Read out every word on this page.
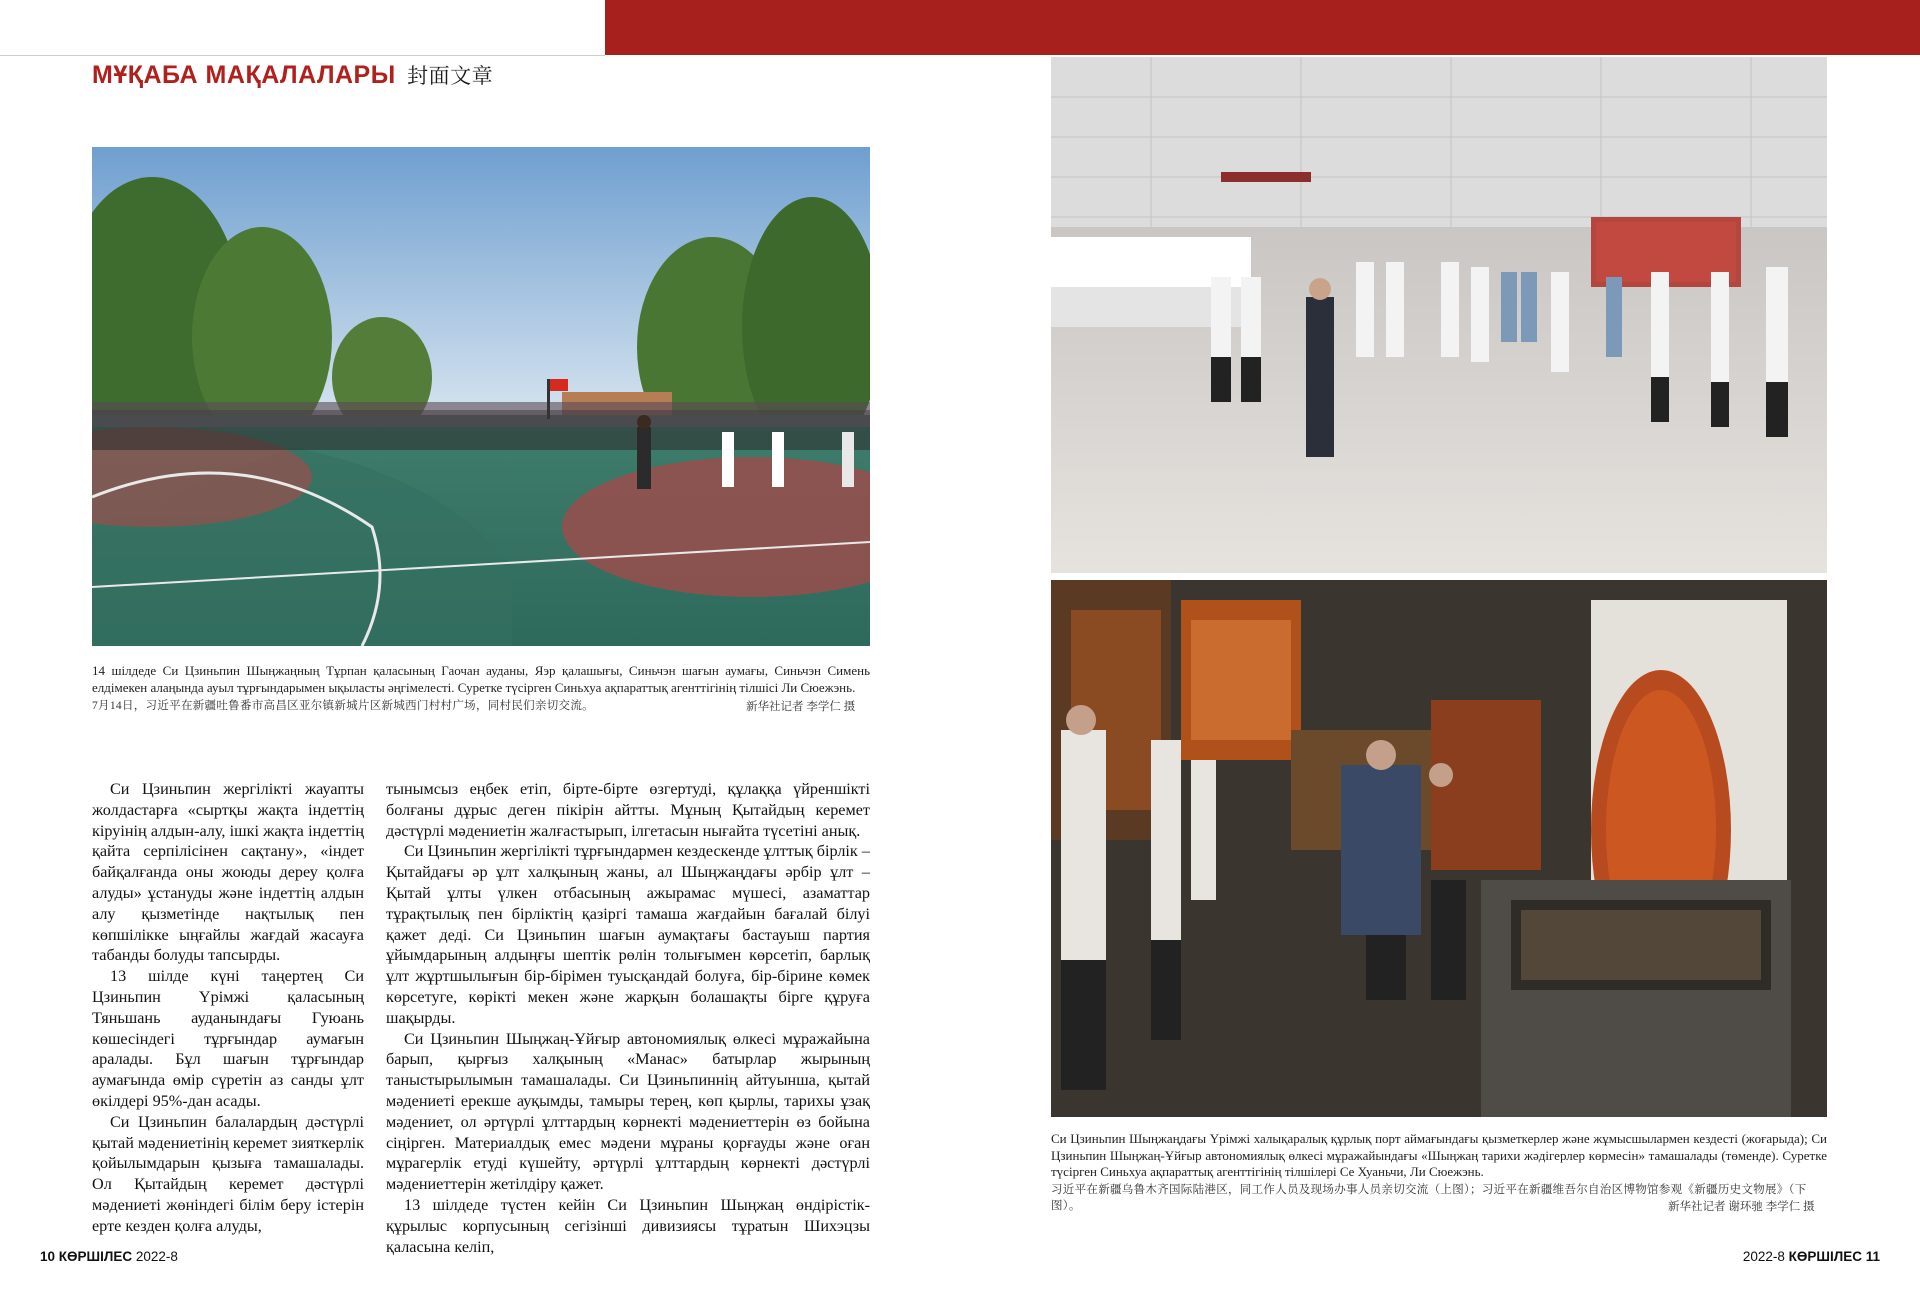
МҰҚАБА МАҚАЛАЛАРЫ 封面文章
14 шілдеде Си Цзиньпин Шыңжаңның Тұрпан қаласының Гаочан ауданы, Яэр қалашығы, Синьчэн шағын аумағы, Синьчэн Симень елдімекен алаңында ауыл тұрғындарымен ықыласты әңгімелесті. Суретке түсірген Синьхуа ақпараттық агенттігінің тілшісі Ли Сюежэнь.
7月14日，习近平在新疆吐鲁番市高昌区亚尔镇新城片区新城西门村村广场，同村民们亲切交流。	新华社记者 李学仁 摄

Си Цзиньпин жергілікті жауапты жолдастарға «сыртқы жақта індеттің кіруінің алдын-алу, ішкі жақта індеттің қайта серпілісінен сақтану», «індет байқалғанда оны жоюды дереу қолға алуды» ұстануды және індеттің алдын алу қызметінде нақтылық пен көпшілікке ыңғайлы жағдай жасауға табанды болуды тапсырды.

13 шілде күні таңертең Си Цзиньпин Үрімжі қаласының Тяньшань ауданындағы Гуюань көшесіндегі тұрғындар аумағын аралады. Бұл шағын тұрғындар аумағында өмір сүретін аз санды ұлт өкілдері 95%-дан асады.

Си Цзиньпин балалардың дәстүрлі қытай мәдениетінің керемет зияткерлік қойылымдарын қызыға тамашалады. Ол Қытайдың керемет дәстүрлі мәдениеті жөніндегі білім беру істерін ерте кезден қолға алуды,

тынымсыз еңбек етіп, бірте-бірте өзгертуді, құлаққа үйреншікті болғаны дұрыс деген пікірін айтты. Мұның Қытайдың керемет дәстүрлі мәдениетін жалғастырып, ілгетасын нығайта түсетіні анық.

Си Цзиньпин жергілікті тұрғындармен кездескенде ұлттық бірлік – Қытайдағы әр ұлт халқының жаны, ал Шыңжаңдағы әрбір ұлт – Қытай ұлты үлкен отбасының ажырамас мүшесі, азаматтар тұрақтылық пен бірліктің қазіргі тамаша жағдайын бағалай білуі қажет деді. Си Цзиньпин шағын аумақтағы бастауыш партия ұйымдарының алдыңғы шептік рөлін толығымен көрсетіп, барлық ұлт жұртшылығын бір-бірімен туысқандай болуға, бір-бірине көмек көрсетуге, көрікті мекен және жарқын болашақты бірге құруға шақырды.

Си Цзиньпин Шыңжаң-Ұйғыр автономиялық өлкесі мұражайына барып, қырғыз халқының «Манас» батырлар жырының таныстырылымын тамашалады. Си Цзиньпиннің айтуынша, қытай мәдениеті ерекше ауқымды, тамыры терең, көп қырлы, тарихы ұзақ мәдениет, ол әртүрлі ұлттардың көрнекті мәдениеттерін өз бойына сіңірген. Материалдық емес мәдени мұраны қорғауды және оған мұрагерлік етуді күшейту, әртүрлі ұлттардың көрнекті дәстүрлі мәдениеттерін жетілдіру қажет.

13 шілдеде түстен кейін Си Цзиньпин Шыңжаң өндірістік-құрылыс корпусының сегізінші дивизиясы тұратын Шихэцзы қаласына келіп,

Си Цзиньпин Шыңжаңдағы Үрімжі халықаралық құрлық порт аймағындағы қызметкерлер және жұмысшылармен кездесті (жоғарыда); Си Цзиньпин Шыңжаң-Ұйғыр автономиялық өлкесі мұражайындағы «Шыңжаң тарихи жәдігерлер көрмесін» тамашалады (төменде). Суретке түсірген Синьхуа ақпараттық агенттігінің тілшілері Се Хуаньчи, Ли Сюежэнь.
习近平在新疆乌鲁木齐国际陆港区，同工作人员及现场办事人员亲切交流（上图）；习近平在新疆维吾尔自治区博物馆参观《新疆历史文物展》（下图）。	新华社记者 谢环驰 李学仁 摄
10 КӨРШІЛЕС 2022-8	2022-8 КӨРШІЛЕС 11
